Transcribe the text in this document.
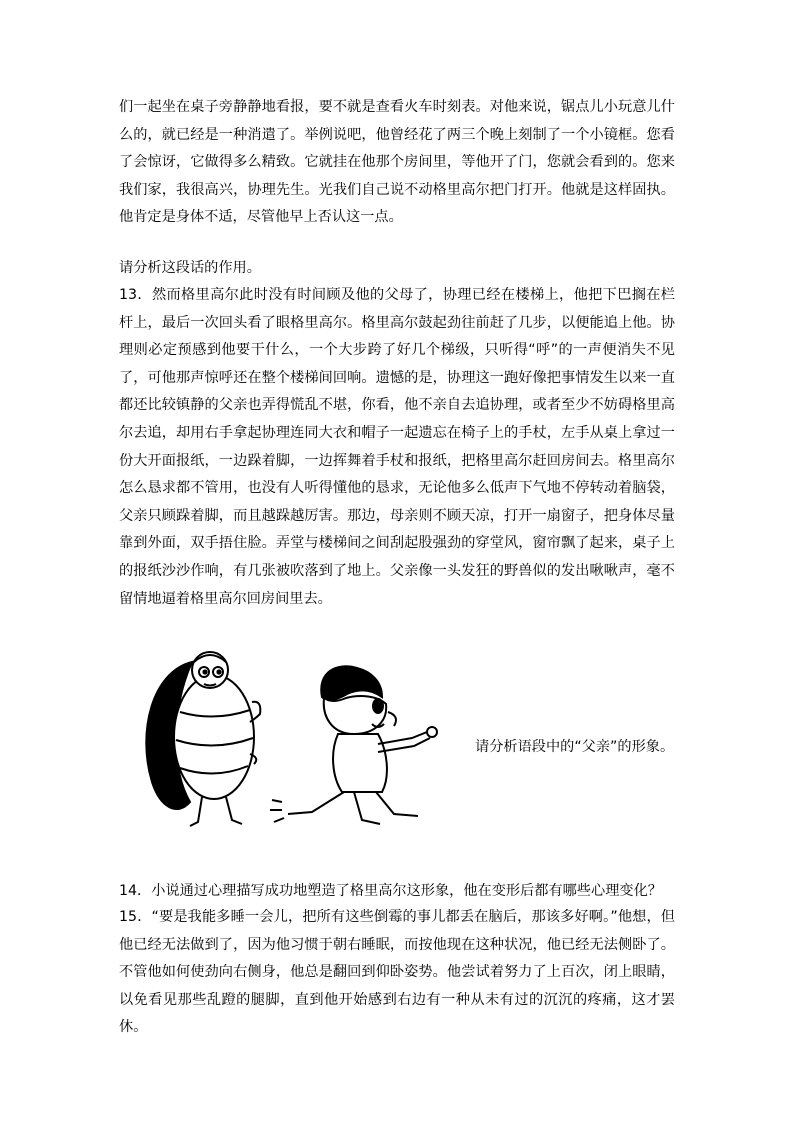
们一起坐在桌子旁静静地看报，要不就是查看火车时刻表。对他来说，锯点儿小玩意儿什么的，就已经是一种消遣了。举例说吧，他曾经花了两三个晚上刻制了一个小镜框。您看了会惊讶，它做得多么精致。它就挂在他那个房间里，等他开了门，您就会看到的。您来我们家，我很高兴，协理先生。光我们自己说不动格里高尔把门打开。他就是这样固执。他肯定是身体不适，尽管他早上否认这一点。

请分析这段话的作用。

13．然而格里高尔此时没有时间顾及他的父母了，协理已经在楼梯上，他把下巴搁在栏杆上，最后一次回头看了眼格里高尔。格里高尔鼓起劲往前赶了几步，以便能追上他。协理则必定预感到他要干什么，一个大步跨了好几个梯级，只听得“呼”的一声便消失不见了，可他那声惊呼还在整个楼梯间回响。遗憾的是，协理这一跑好像把事情发生以来一直都还比较镇静的父亲也弄得慌乱不堪，你看，他不亲自去追协理，或者至少不妨碍格里高尔去追，却用右手拿起协理连同大衣和帽子一起遗忘在椅子上的手杖，左手从桌上拿过一份大开面报纸，一边跺着脚，一边挥舞着手杖和报纸，把格里高尔赶回房间去。格里高尔怎么恳求都不管用，也没有人听得懂他的恳求，无论他多么低声下气地不停转动着脑袋，父亲只顾跺着脚，而且越跺越厉害。那边，母亲则不顾天凉，打开一扇窗子，把身体尽量靠到外面，双手捂住脸。弄堂与楼梯间之间刮起股强劲的穿堂风，窗帘飘了起来，桌子上的报纸沙沙作响，有几张被吹落到了地上。父亲像一头发狂的野兽似的发出啾啾声，毫不留情地逼着格里高尔回房间里去。

请分析语段中的“父亲”的形象。

14．小说通过心理描写成功地塑造了格里高尔这形象，他在变形后都有哪些心理变化？

15．“要是我能多睡一会儿，把所有这些倒霉的事儿都丢在脑后，那该多好啊。”他想，但他已经无法做到了，因为他习惯于朝右睡眠，而按他现在这种状况，他已经无法侧卧了。不管他如何使劲向右侧身，他总是翻回到仰卧姿势。他尝试着努力了上百次，闭上眼睛，以免看见那些乱蹬的腿脚，直到他开始感到右边有一种从未有过的沉沉的疼痛，这才罢休。
